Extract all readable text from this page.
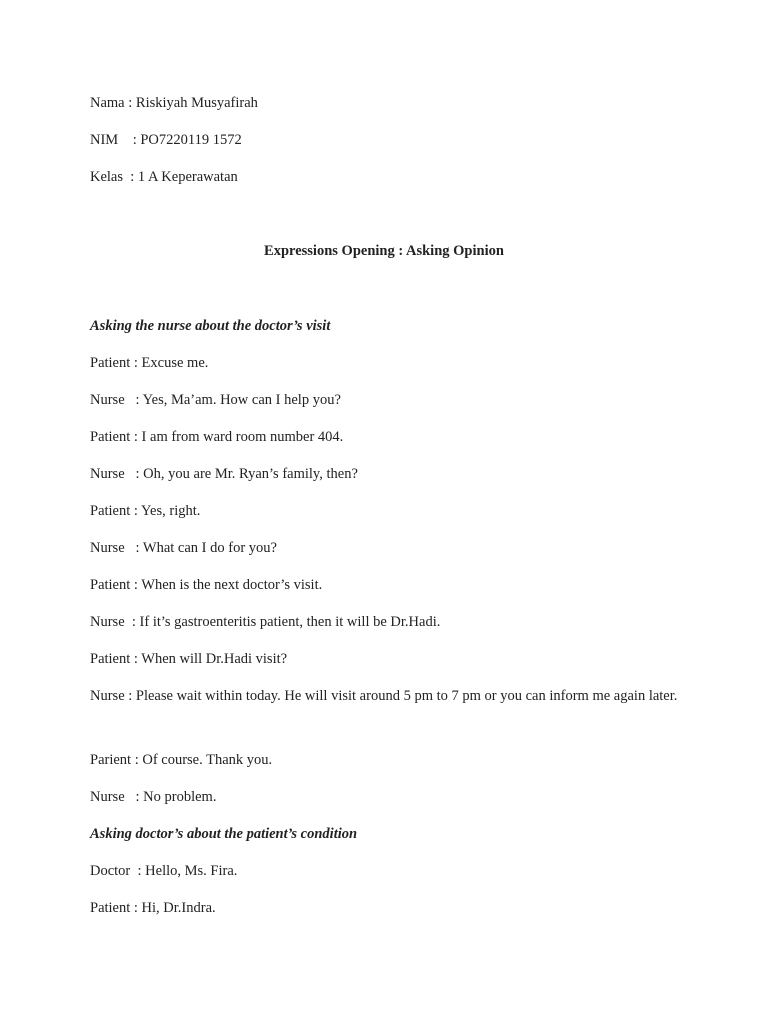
Nama : Riskiyah Musyafirah
NIM    : PO7220119 1572
Kelas  : 1 A Keperawatan
Expressions Opening : Asking Opinion
Asking the nurse about the doctor’s visit
Patient : Excuse me.
Nurse   : Yes, Ma’am. How can I help you?
Patient : I am from ward room number 404.
Nurse   : Oh, you are Mr. Ryan’s family, then?
Patient : Yes, right.
Nurse   : What can I do for you?
Patient : When is the next doctor’s visit.
Nurse  : If it’s gastroenteritis patient, then it will be Dr.Hadi.
Patient : When will Dr.Hadi visit?
Nurse : Please wait within today. He will visit around 5 pm to 7 pm or you can inform me again later.
Parient : Of course. Thank you.
Nurse   : No problem.
Asking doctor’s about the patient’s condition
Doctor  : Hello, Ms. Fira.
Patient : Hi, Dr.Indra.
